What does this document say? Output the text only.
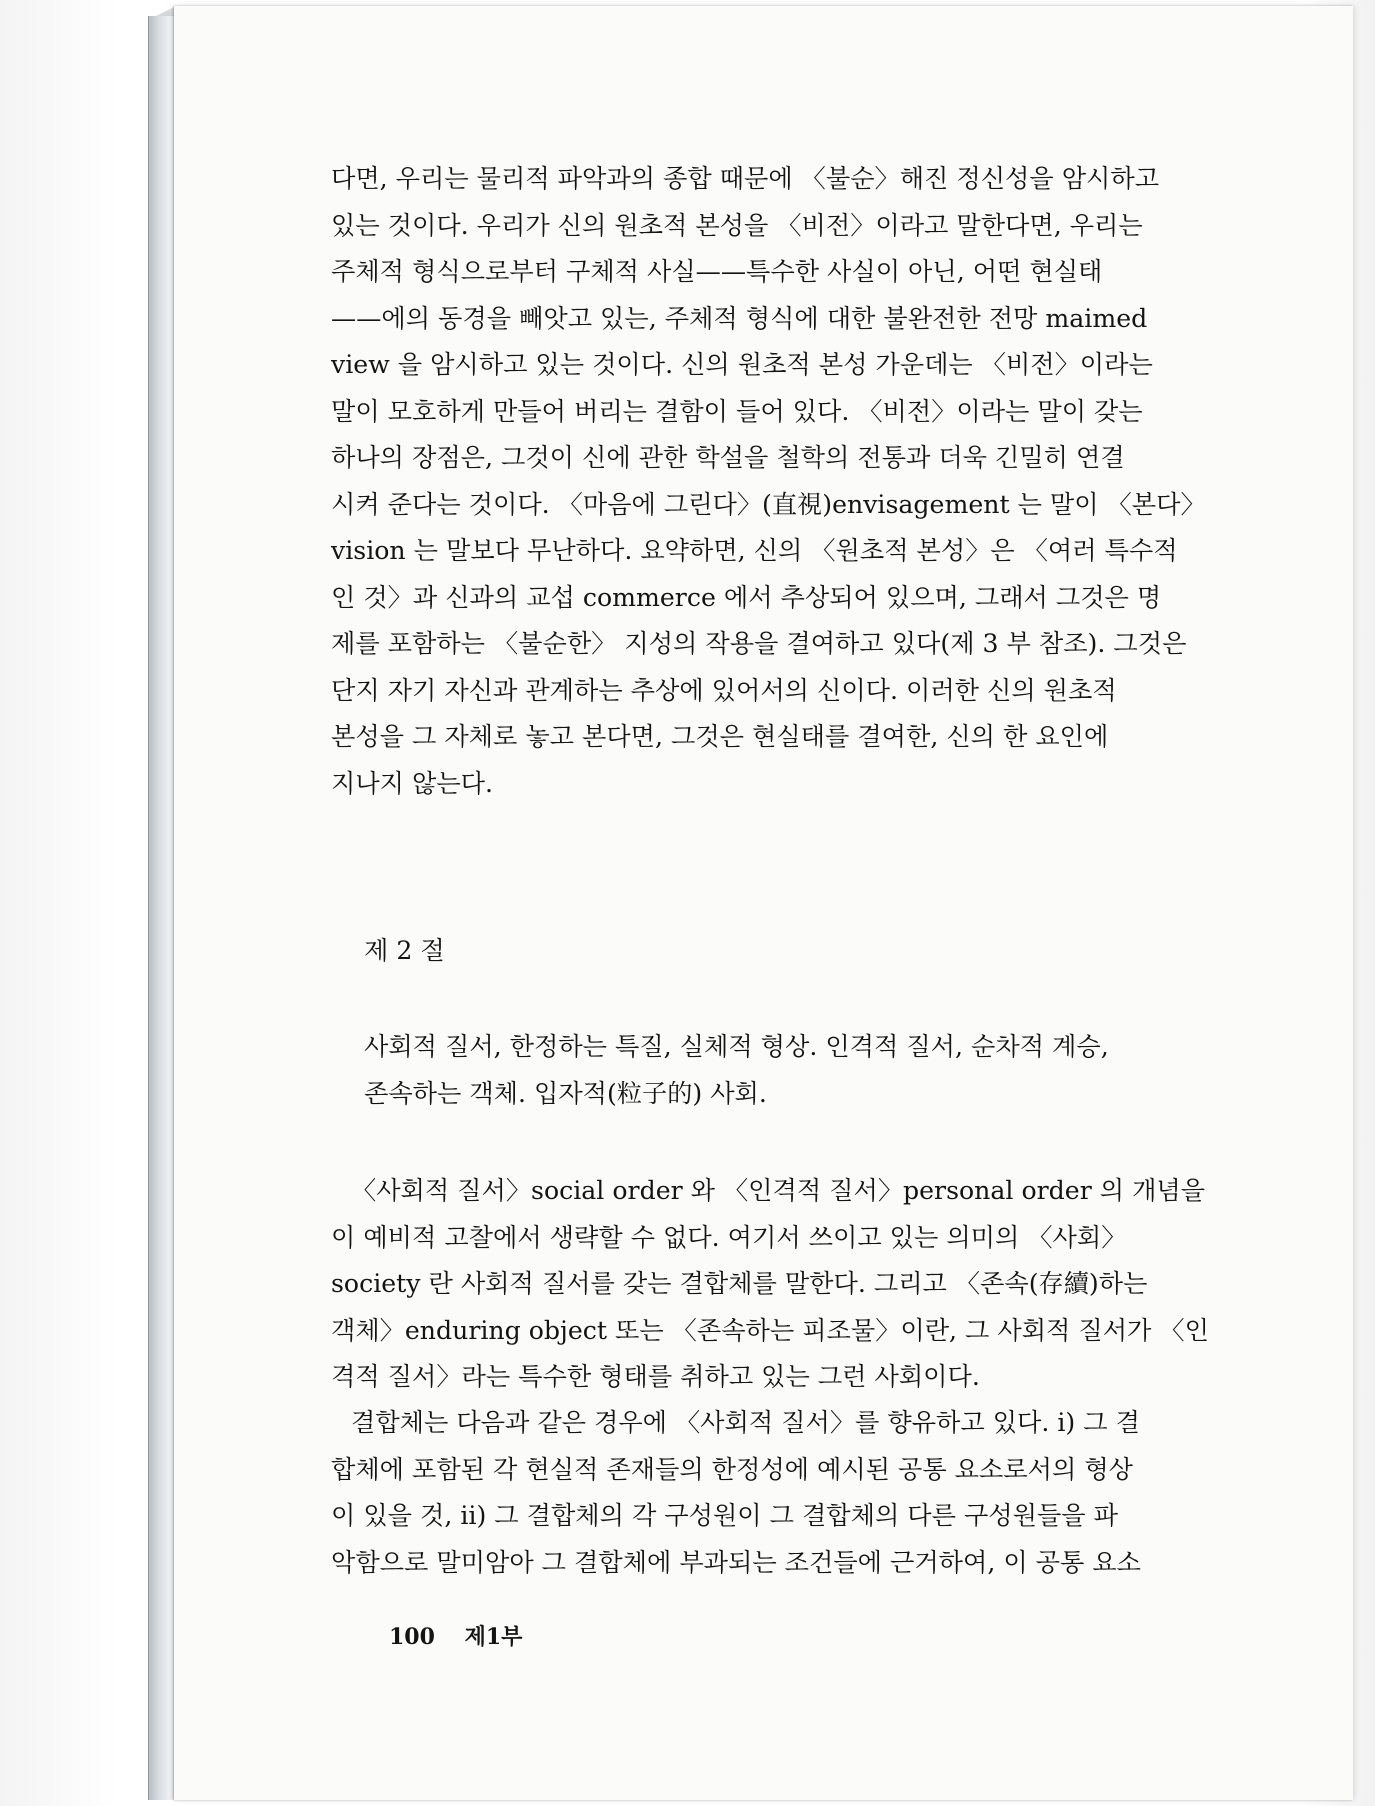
다면, 우리는 물리적 파악과의 종합 때문에 〈불순〉해진 정신성을 암시하고
있는 것이다. 우리가 신의 원초적 본성을 〈비전〉이라고 말한다면, 우리는
주체적 형식으로부터 구체적 사실——특수한 사실이 아닌, 어떤 현실태
——에의 동경을 빼앗고 있는, 주체적 형식에 대한 불완전한 전망 maimed
view 을 암시하고 있는 것이다. 신의 원초적 본성 가운데는 〈비전〉이라는
말이 모호하게 만들어 버리는 결함이 들어 있다. 〈비전〉이라는 말이 갖는
하나의 장점은, 그것이 신에 관한 학설을 철학의 전통과 더욱 긴밀히 연결
시켜 준다는 것이다. 〈마음에 그린다〉(直視)envisagement 는 말이 〈본다〉
vision 는 말보다 무난하다. 요약하면, 신의 〈원초적 본성〉은 〈여러 특수적
인 것〉과 신과의 교섭 commerce 에서 추상되어 있으며, 그래서 그것은 명
제를 포함하는 〈불순한〉 지성의 작용을 결여하고 있다(제 3 부 참조). 그것은
단지 자기 자신과 관계하는 추상에 있어서의 신이다. 이러한 신의 원초적
본성을 그 자체로 놓고 본다면, 그것은 현실태를 결여한, 신의 한 요인에
지나지 않는다.

제 2 절
사회적 질서, 한정하는 특질, 실체적 형상. 인격적 질서, 순차적 계승,
존속하는 객체. 입자적(粒子的) 사회.

〈사회적 질서〉social order 와 〈인격적 질서〉personal order 의 개념을
이 예비적 고찰에서 생략할 수 없다. 여기서 쓰이고 있는 의미의 〈사회〉
society 란 사회적 질서를 갖는 결합체를 말한다. 그리고 〈존속(存續)하는
객체〉enduring object 또는 〈존속하는 피조물〉이란, 그 사회적 질서가 〈인
격적 질서〉라는 특수한 형태를 취하고 있는 그런 사회이다.

결합체는 다음과 같은 경우에 〈사회적 질서〉를 향유하고 있다. ⅰ) 그 결
합체에 포함된 각 현실적 존재들의 한정성에 예시된 공통 요소로서의 형상
이 있을 것, ⅱ) 그 결합체의 각 구성원이 그 결합체의 다른 구성원들을 파
악함으로 말미암아 그 결합체에 부과되는 조건들에 근거하여, 이 공통 요소

100 제1부
